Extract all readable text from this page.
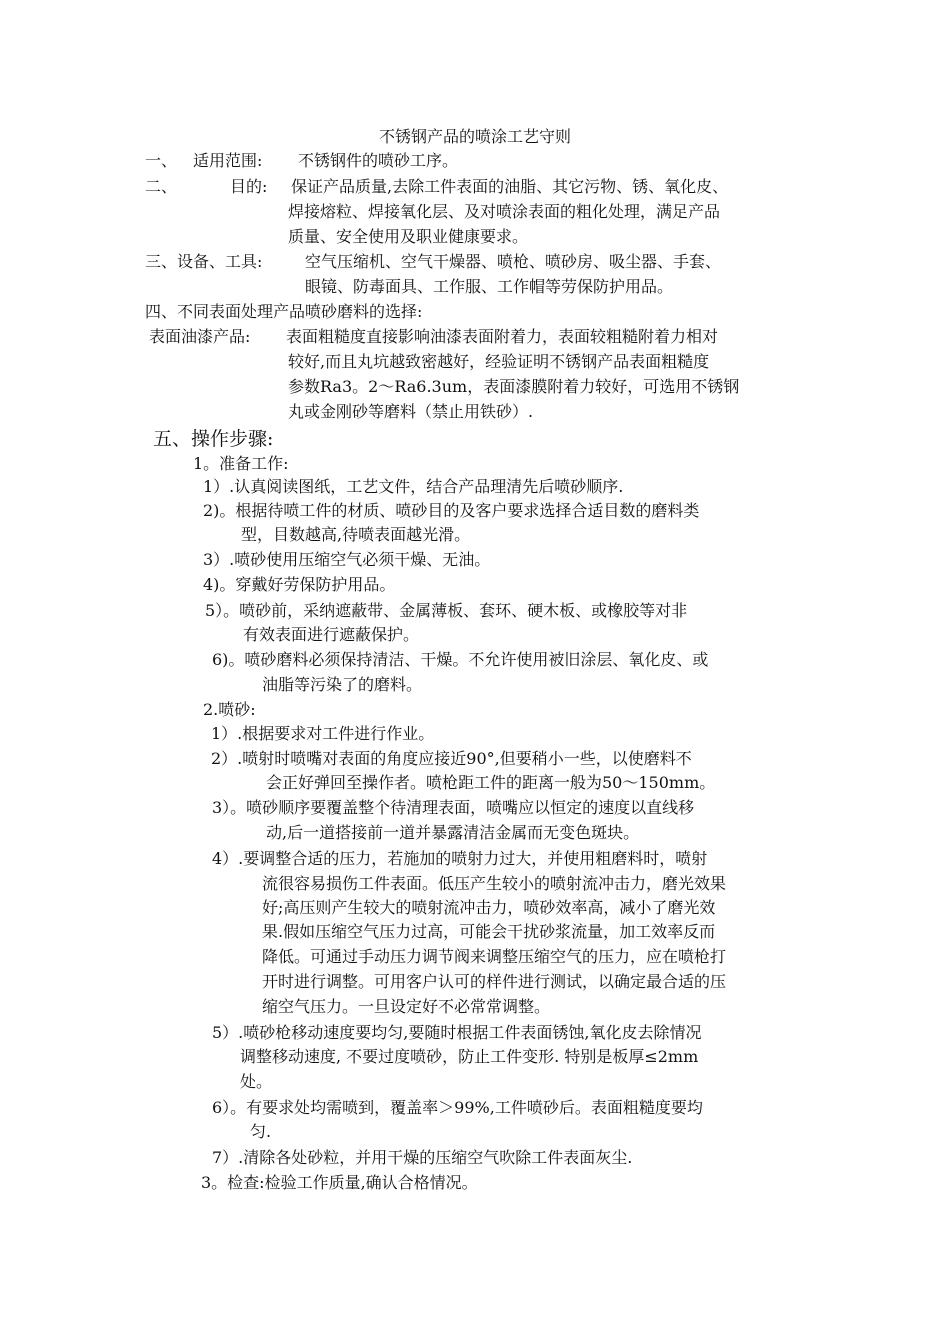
不锈钢产品的喷涂工艺守则
一、 适用范围: 不锈钢件的喷砂工序。
二、	目的: 保证产品质量,去除工件表面的油脂、其它污物、锈、氧化皮、
焊接熔粒、焊接氧化层、及对喷涂表面的粗化处理，满足产品
质量、安全使用及职业健康要求。
三、设备、工具:	空气压缩机、空气干燥器、喷枪、喷砂房、吸尘器、手套、
眼镜、防毒面具、工作服、工作帽等劳保防护用品。
四、不同表面处理产品喷砂磨料的选择:
表面油漆产品: 表面粗糙度直接影响油漆表面附着力，表面较粗糙附着力相对
较好,而且丸坑越致密越好，经验证明不锈钢产品表面粗糙度
参数Ra3。2～Ra6.3um，表面漆膜附着力较好，可选用不锈钢
丸或金刚砂等磨料（禁止用铁砂）.
五、操作步骤:
1。准备工作:
1）.认真阅读图纸，工艺文件，结合产品理清先后喷砂顺序.
2)。根据待喷工件的材质、喷砂目的及客户要求选择合适目数的磨料类
型，目数越高,待喷表面越光滑。
3）.喷砂使用压缩空气必须干燥、无油。
4)。穿戴好劳保防护用品。
5）。喷砂前，采纳遮蔽带、金属薄板、套环、硬木板、或橡胶等对非
有效表面进行遮蔽保护。
6)。喷砂磨料必须保持清洁、干燥。不允许使用被旧涂层、氧化皮、或
油脂等污染了的磨料。
2.喷砂:
1）.根据要求对工件进行作业。
2）.喷射时喷嘴对表面的角度应接近90°,但要稍小一些，以使磨料不
会正好弹回至操作者。喷枪距工件的距离一般为50～150mm。
3）。喷砂顺序要覆盖整个待清理表面，喷嘴应以恒定的速度以直线移
动,后一道搭接前一道并暴露清洁金属而无变色斑块。
4）.要调整合适的压力，若施加的喷射力过大，并使用粗磨料时，喷射
流很容易损伤工件表面。低压产生较小的喷射流冲击力，磨光效果
好;高压则产生较大的喷射流冲击力，喷砂效率高，减小了磨光效
果.假如压缩空气压力过高，可能会干扰砂浆流量，加工效率反而
降低。可通过手动压力调节阀来调整压缩空气的压力，应在喷枪打
开时进行调整。可用客户认可的样件进行测试，以确定最合适的压
缩空气压力。一旦设定好不必常常调整。
5）.喷砂枪移动速度要均匀,要随时根据工件表面锈蚀,氧化皮去除情况
调整移动速度, 不要过度喷砂，防止工件变形. 特别是板厚≤2mm
处。
6）。有要求处均需喷到，覆盖率＞99%,工件喷砂后。表面粗糙度要均
匀.
7）.清除各处砂粒，并用干燥的压缩空气吹除工件表面灰尘.
3。检查:检验工作质量,确认合格情况。
